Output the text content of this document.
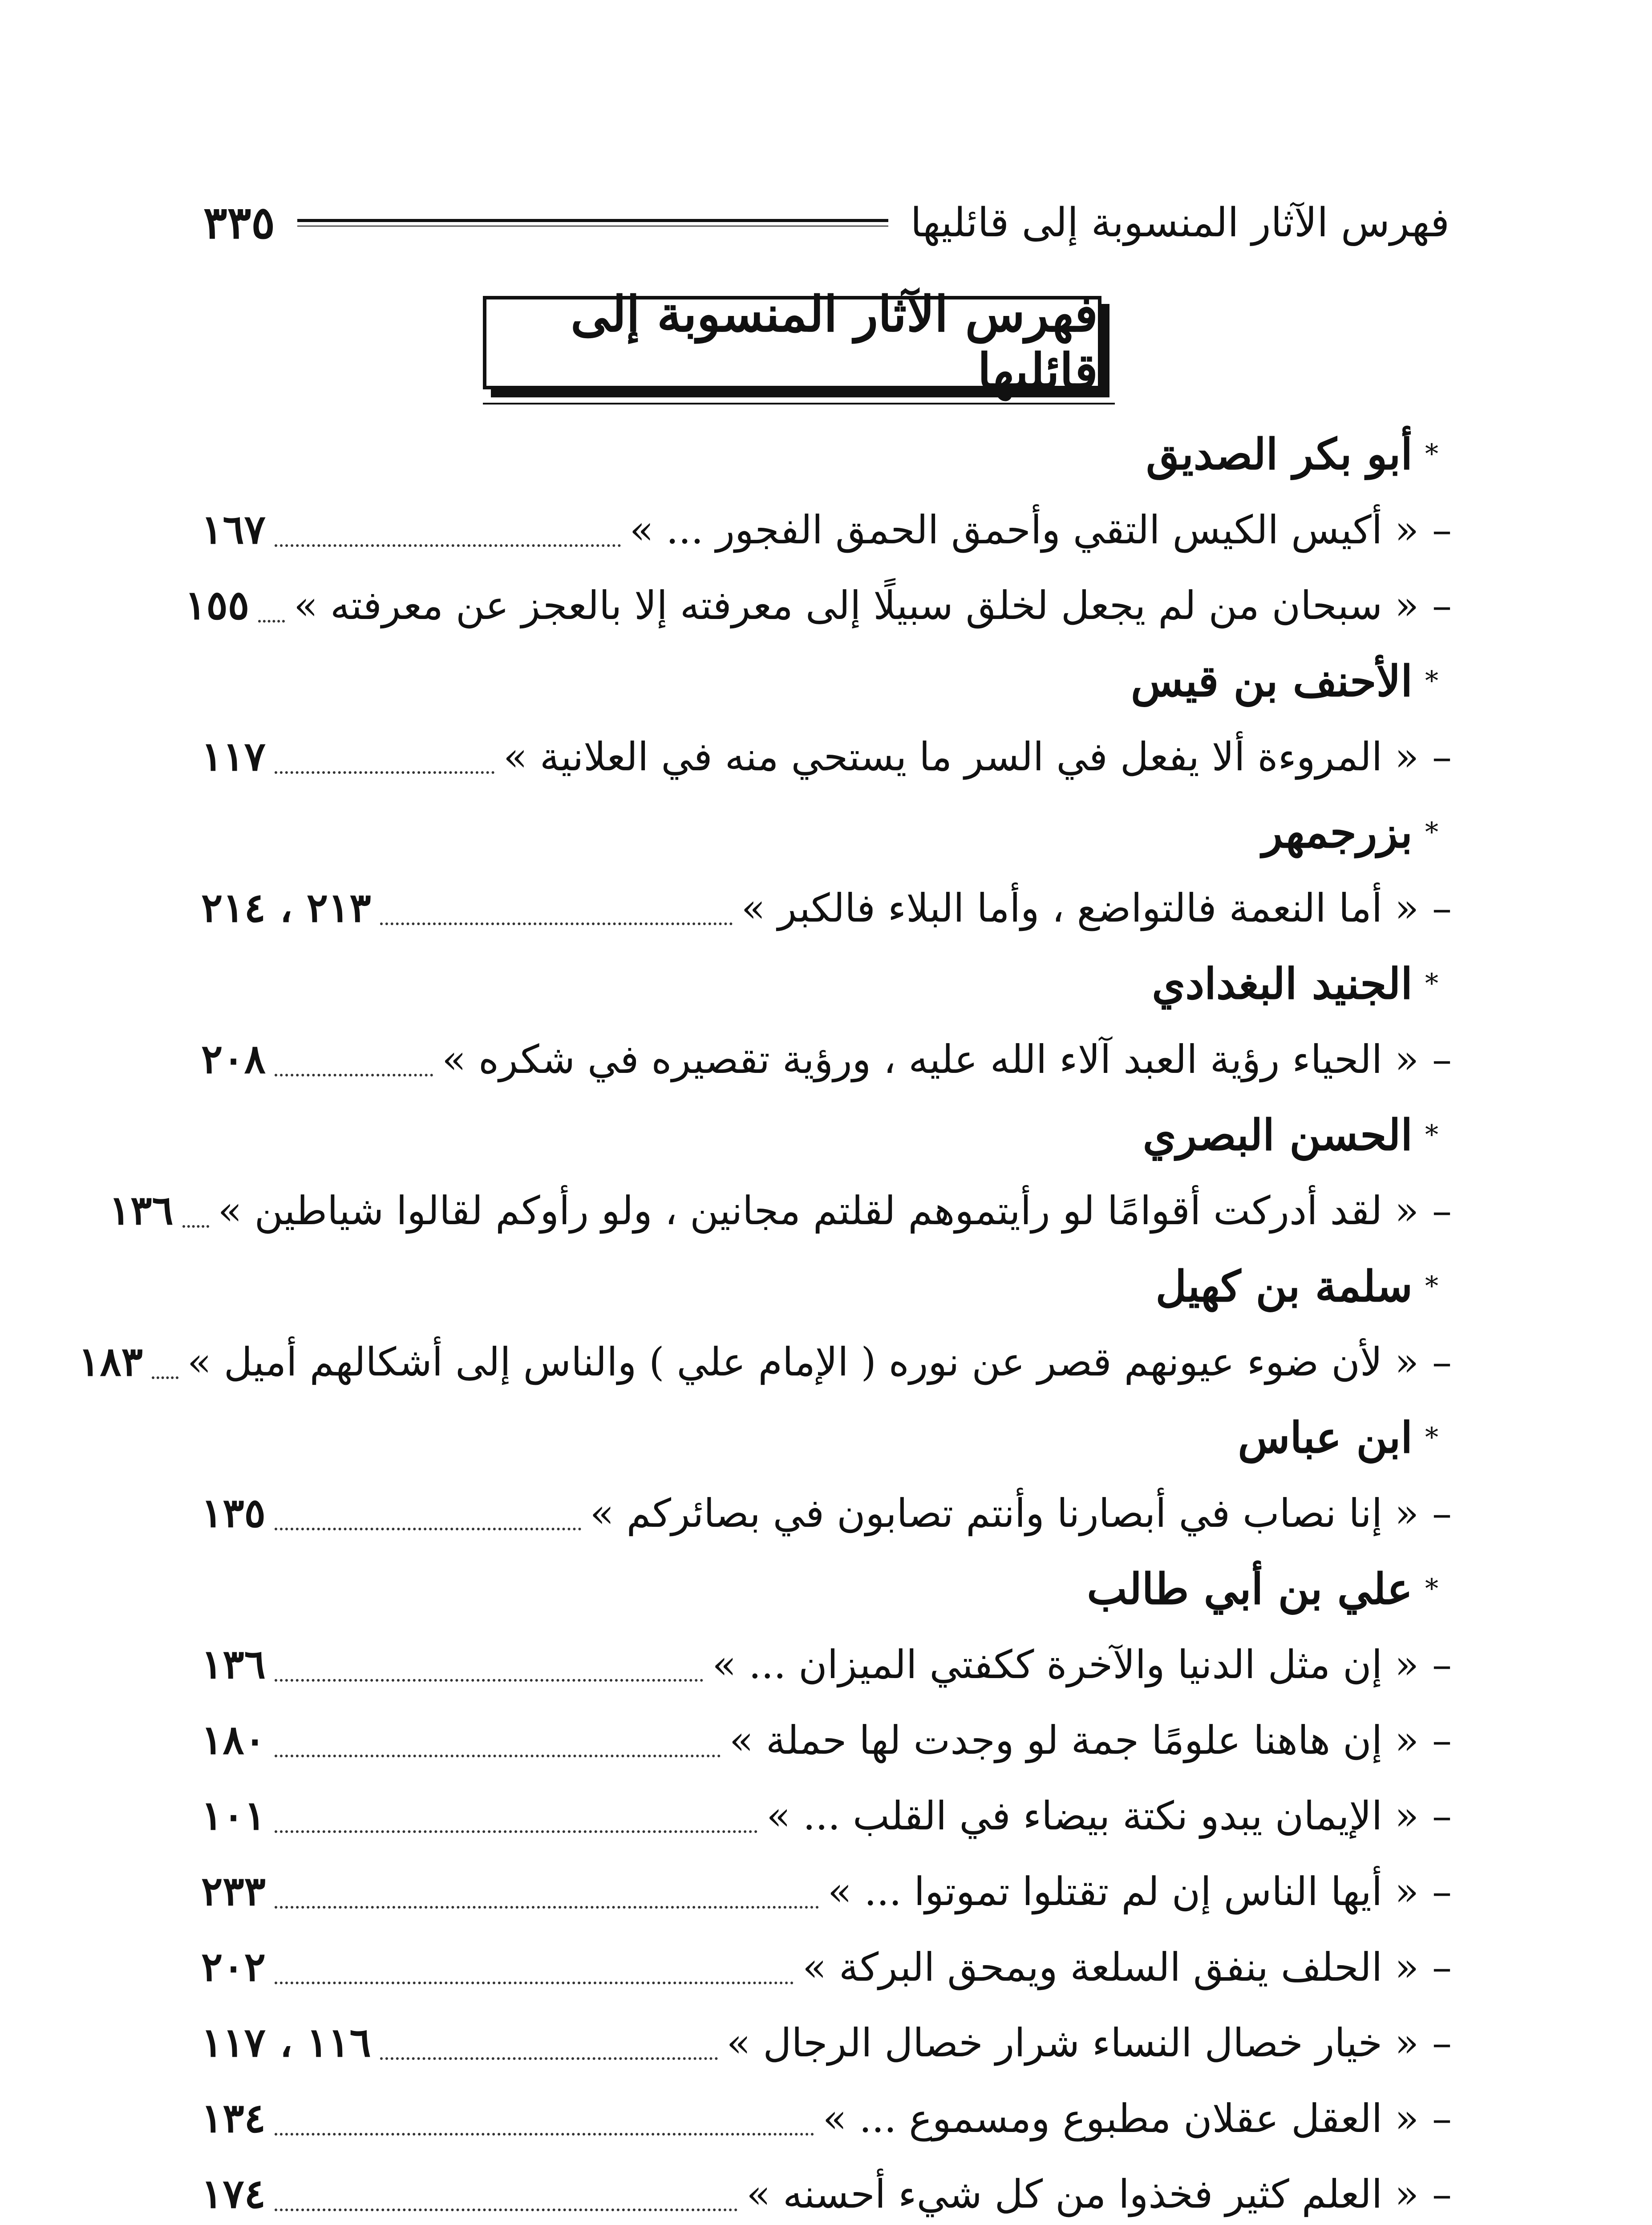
فهرس الآثار المنسوبة إلى قائليها
٣٣٥
فهرس الآثار المنسوبة إلى قائليها
*
أبو بكر الصديق
–
« أكيس الكيس التقي وأحمق الحمق الفجور ... »
١٦٧
–
« سبحان من لم يجعل لخلق سبيلًا إلى معرفته إلا بالعجز عن معرفته »
١٥٥
*
الأحنف بن قيس
–
« المروءة ألا يفعل في السر ما يستحي منه في العلانية »
١١٧
*
بزرجمهر
–
« أما النعمة فالتواضع ، وأما البلاء فالكبر »
٢١٣ ، ٢١٤
*
الجنيد البغدادي
–
« الحياء رؤية العبد آلاء الله عليه ، ورؤية تقصيره في شكره »
٢٠٨
*
الحسن البصري
–
« لقد أدركت أقوامًا لو رأيتموهم لقلتم مجانين ، ولو رأوكم لقالوا شياطين »
١٣٦
*
سلمة بن كهيل
–
« لأن ضوء عيونهم قصر عن نوره ( الإمام علي ) والناس إلى أشكالهم أميل »
١٨٣
*
ابن عباس
–
« إنا نصاب في أبصارنا وأنتم تصابون في بصائركم »
١٣٥
*
علي بن أبي طالب
–
« إن مثل الدنيا والآخرة ككفتي الميزان ... »
١٣٦
–
« إن هاهنا علومًا جمة لو وجدت لها حملة »
١٨٠
–
« الإيمان يبدو نكتة بيضاء في القلب ... »
١٠١
–
« أيها الناس إن لم تقتلوا تموتوا ... »
٢٣٣
–
« الحلف ينفق السلعة ويمحق البركة »
٢٠٢
–
« خيار خصال النساء شرار خصال الرجال »
١١٦ ، ١١٧
–
« العقل عقلان مطبوع ومسموع ... »
١٣٤
–
« العلم كثير فخذوا من كل شيء أحسنه »
١٧٤
